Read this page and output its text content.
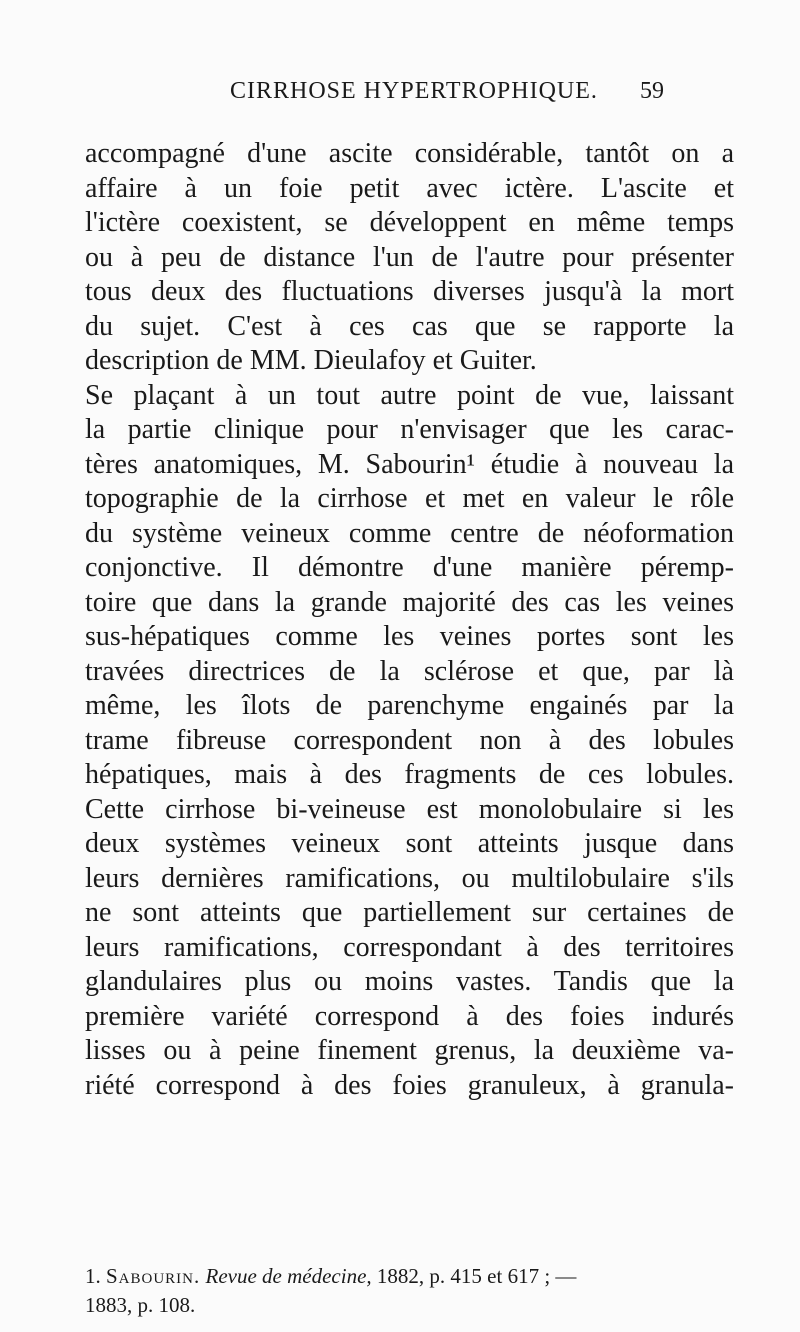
CIRRHOSE HYPERTROPHIQUE. 59
accompagné d'une ascite considérable, tantôt on a
affaire à un foie petit avec ictère. L'ascite et
l'ictère coexistent, se développent en même temps
ou à peu de distance l'un de l'autre pour présenter
tous deux des fluctuations diverses jusqu'à la mort
du sujet. C'est à ces cas que se rapporte la
description de MM. Dieulafoy et Guiter.
Se plaçant à un tout autre point de vue, laissant
la partie clinique pour n'envisager que les carac-
tères anatomiques, M. Sabourin¹ étudie à nouveau la
topographie de la cirrhose et met en valeur le rôle
du système veineux comme centre de néoformation
conjonctive. Il démontre d'une manière péremp-
toire que dans la grande majorité des cas les veines
sus-hépatiques comme les veines portes sont les
travées directrices de la sclérose et que, par là
même, les îlots de parenchyme engainés par la
trame fibreuse correspondent non à des lobules
hépatiques, mais à des fragments de ces lobules.
Cette cirrhose bi-veineuse est monolobulaire si les
deux systèmes veineux sont atteints jusque dans
leurs dernières ramifications, ou multilobulaire s'ils
ne sont atteints que partiellement sur certaines de
leurs ramifications, correspondant à des territoires
glandulaires plus ou moins vastes. Tandis que la
première variété correspond à des foies indurés
lisses ou à peine finement grenus, la deuxième va-
riété correspond à des foies granuleux, à granula-
1. Sabourin. Revue de médecine, 1882, p. 415 et 617 ; —
1883, p. 108.
